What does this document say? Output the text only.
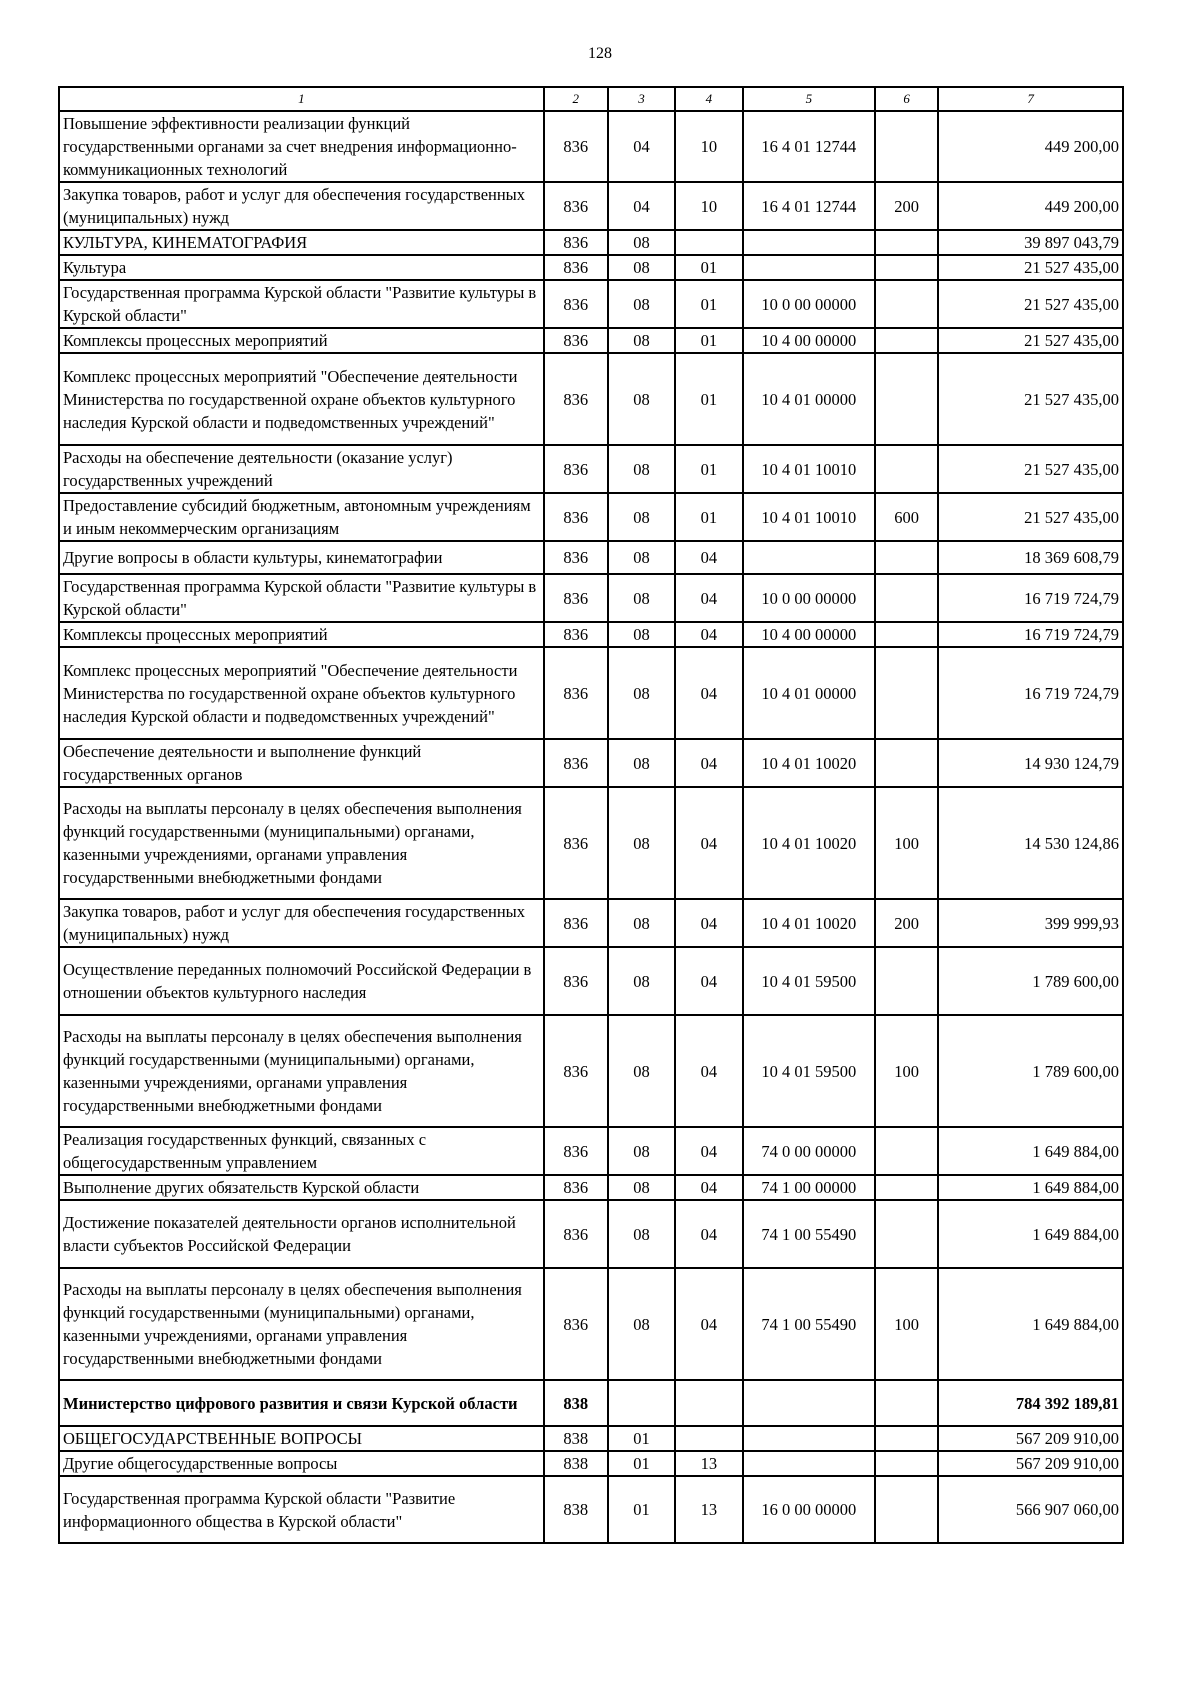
128
1	2	3	4	5	6	7
Повышение эффективности реализации функций государственными органами за счет внедрения информационно-коммуникационных технологий	836	04	10	16 4 01 12744		449 200,00
Закупка товаров, работ и услуг для обеспечения государственных (муниципальных) нужд	836	04	10	16 4 01 12744	200	449 200,00
КУЛЬТУРА, КИНЕМАТОГРАФИЯ	836	08				39 897 043,79
Культура	836	08	01			21 527 435,00
Государственная программа Курской области "Развитие культуры в Курской области"	836	08	01	10 0 00 00000		21 527 435,00
Комплексы процессных мероприятий	836	08	01	10 4 00 00000		21 527 435,00
Комплекс процессных мероприятий "Обеспечение деятельности Министерства по государственной охране объектов культурного наследия Курской области и подведомственных учреждений"	836	08	01	10 4 01 00000		21 527 435,00
Расходы на обеспечение деятельности (оказание услуг) государственных учреждений	836	08	01	10 4 01 10010		21 527 435,00
Предоставление субсидий бюджетным, автономным учреждениям и иным некоммерческим организациям	836	08	01	10 4 01 10010	600	21 527 435,00
Другие вопросы в области культуры, кинематографии	836	08	04			18 369 608,79
Государственная программа Курской области "Развитие культуры в Курской области"	836	08	04	10 0 00 00000		16 719 724,79
Комплексы процессных мероприятий	836	08	04	10 4 00 00000		16 719 724,79
Комплекс процессных мероприятий "Обеспечение деятельности Министерства по государственной охране объектов культурного наследия Курской области и подведомственных учреждений"	836	08	04	10 4 01 00000		16 719 724,79
Обеспечение деятельности и выполнение функций государственных органов	836	08	04	10 4 01 10020		14 930 124,79
Расходы на выплаты персоналу в целях обеспечения выполнения функций государственными (муниципальными) органами, казенными учреждениями, органами управления государственными внебюджетными фондами	836	08	04	10 4 01 10020	100	14 530 124,86
Закупка товаров, работ и услуг для обеспечения государственных (муниципальных) нужд	836	08	04	10 4 01 10020	200	399 999,93
Осуществление переданных полномочий Российской Федерации в отношении объектов культурного наследия	836	08	04	10 4 01 59500		1 789 600,00
Расходы на выплаты персоналу в целях обеспечения выполнения функций государственными (муниципальными) органами, казенными учреждениями, органами управления государственными внебюджетными фондами	836	08	04	10 4 01 59500	100	1 789 600,00
Реализация государственных функций, связанных с общегосударственным управлением	836	08	04	74 0 00 00000		1 649 884,00
Выполнение других обязательств Курской области	836	08	04	74 1 00 00000		1 649 884,00
Достижение показателей деятельности органов исполнительной власти субъектов Российской Федерации	836	08	04	74 1 00 55490		1 649 884,00
Расходы на выплаты персоналу в целях обеспечения выполнения функций государственными (муниципальными) органами, казенными учреждениями, органами управления государственными внебюджетными фондами	836	08	04	74 1 00 55490	100	1 649 884,00
Министерство цифрового развития и связи Курской области	838					784 392 189,81
ОБЩЕГОСУДАРСТВЕННЫЕ ВОПРОСЫ	838	01				567 209 910,00
Другие общегосударственные вопросы	838	01	13			567 209 910,00
Государственная программа Курской области "Развитие информационного общества в Курской области"	838	01	13	16 0 00 00000		566 907 060,00
